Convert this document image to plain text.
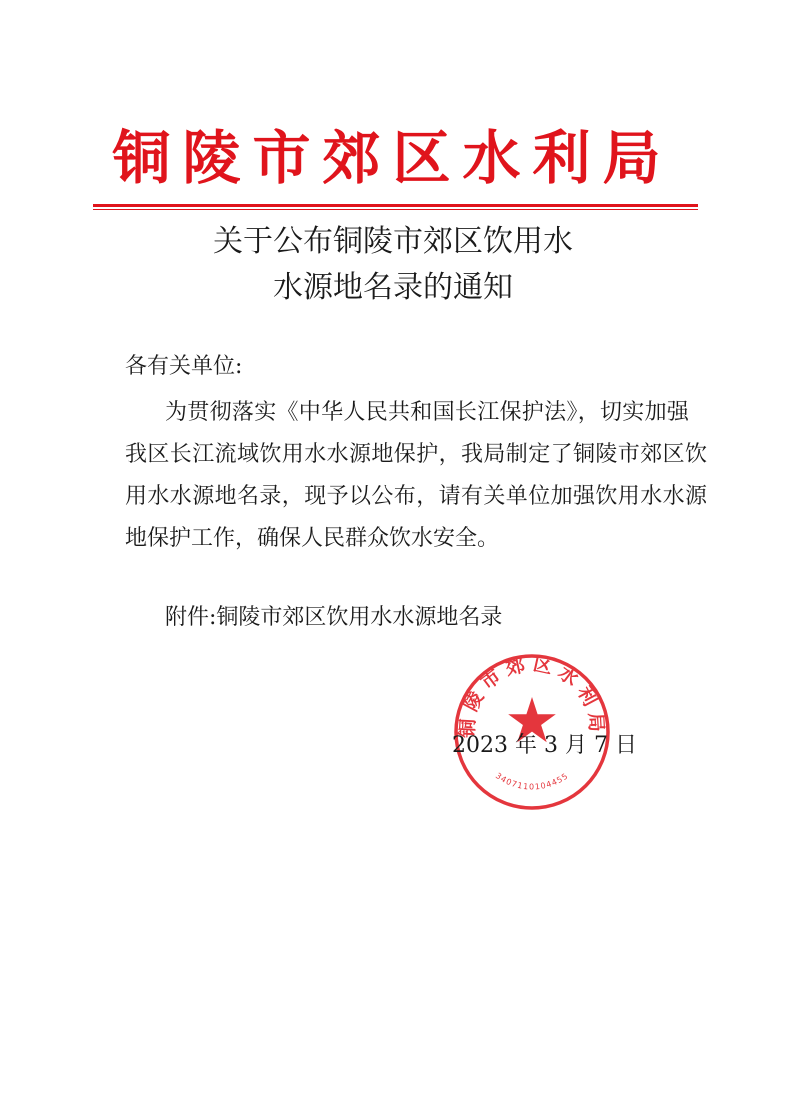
铜陵市郊区水利局
关于公布铜陵市郊区饮用水
水源地名录的通知
各有关单位:
为贯彻落实《中华人民共和国长江保护法》，切实加强
我区长江流域饮用水水源地保护，我局制定了铜陵市郊区饮
用水水源地名录，现予以公布，请有关单位加强饮用水水源
地保护工作，确保人民群众饮水安全。
附件:铜陵市郊区饮用水水源地名录
铜陵市郊区水利局
3407110104455
2023 年 3 月 7 日
